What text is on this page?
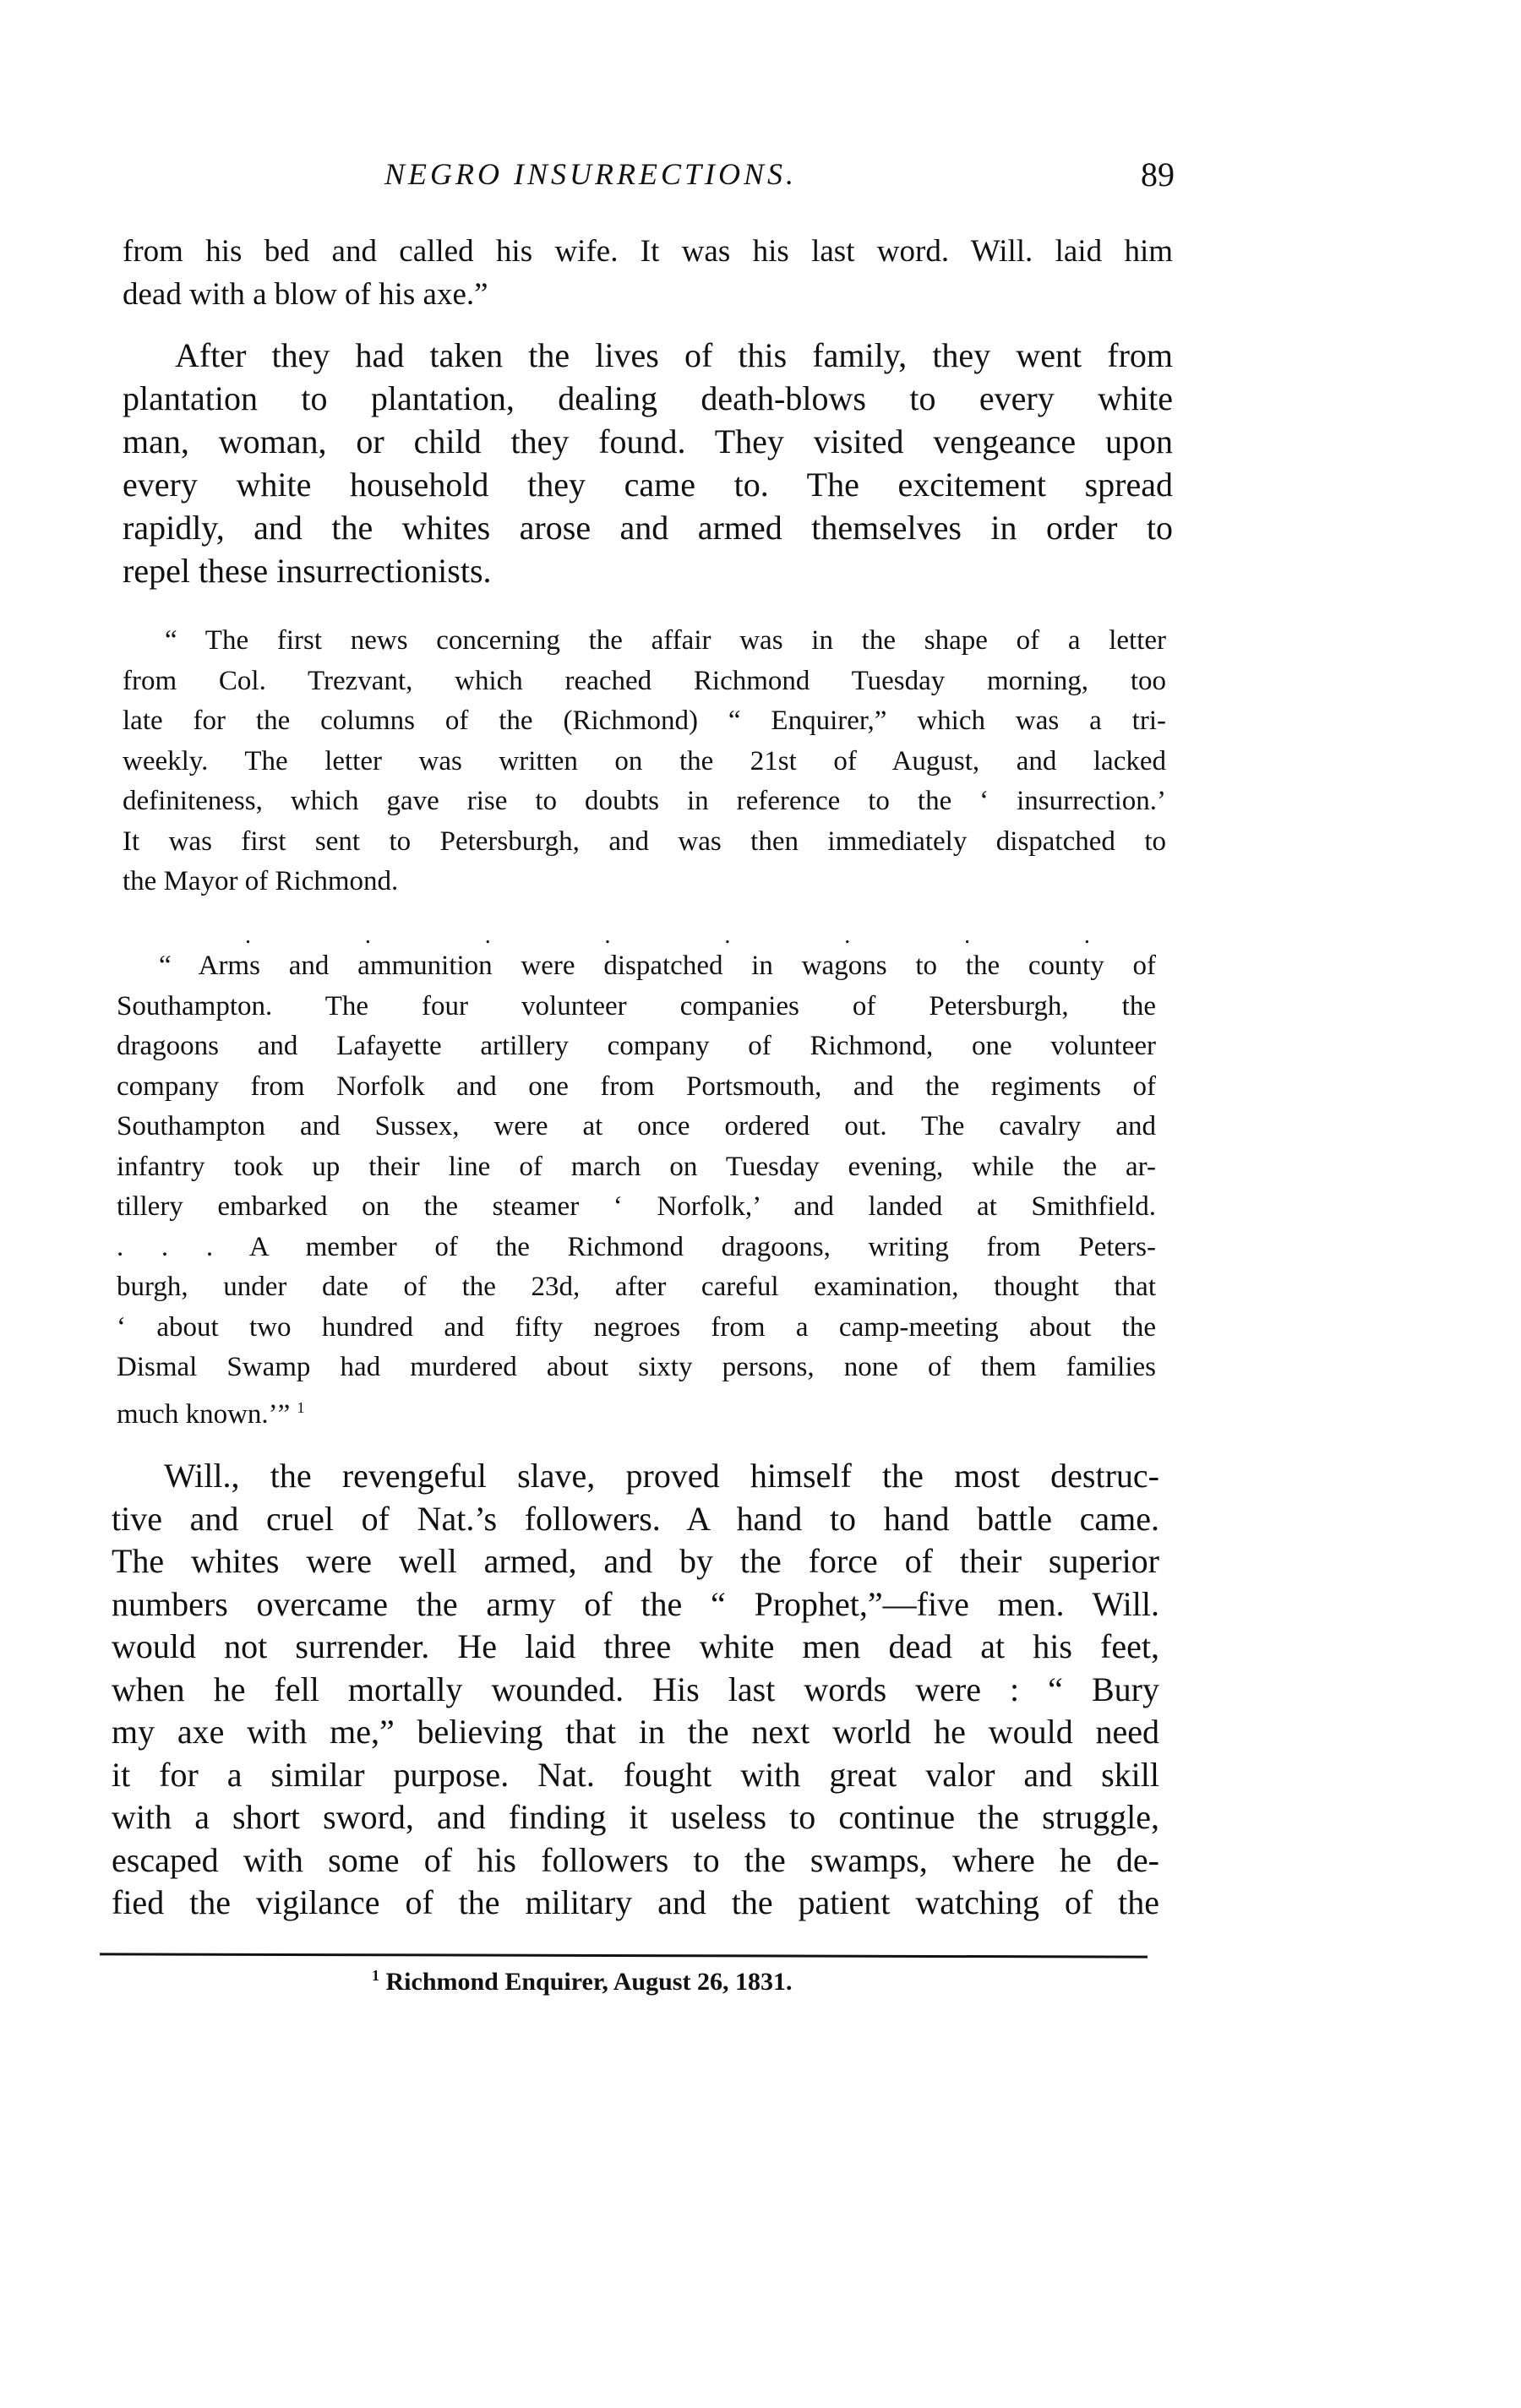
NEGRO INSURRECTIONS.	89
from his bed and called his wife. It was his last word. Will. laid him
dead with a blow of his axe.”
After they had taken the lives of this family, they went from
plantation to plantation, dealing death-blows to every white
man, woman, or child they found. They visited vengeance upon
every white household they came to. The excitement spread
rapidly, and the whites arose and armed themselves in order to
repel these insurrectionists.
“ The first news concerning the affair was in the shape of a letter
from Col. Trezvant, which reached Richmond Tuesday morning, too
late for the columns of the (Richmond) “ Enquirer,” which was a tri-
weekly. The letter was written on the 21st of August, and lacked
definiteness, which gave rise to doubts in reference to the ‘ insurrection.’
It was first sent to Petersburgh, and was then immediately dispatched to
the Mayor of Richmond.
.	.	.	.	.	.	.	.
“ Arms and ammunition were dispatched in wagons to the county of
Southampton. The four volunteer companies of Petersburgh, the
dragoons and Lafayette artillery company of Richmond, one volunteer
company from Norfolk and one from Portsmouth, and the regiments of
Southampton and Sussex, were at once ordered out. The cavalry and
infantry took up their line of march on Tuesday evening, while the ar-
tillery embarked on the steamer ‘ Norfolk,’ and landed at Smithfield.
. . . A member of the Richmond dragoons, writing from Peters-
burgh, under date of the 23d, after careful examination, thought that
‘ about two hundred and fifty negroes from a camp-meeting about the
Dismal Swamp had murdered about sixty persons, none of them families
much known.’” $^1$
Will., the revengeful slave, proved himself the most destruc-
tive and cruel of Nat.’s followers. A hand to hand battle came.
The whites were well armed, and by the force of their superior
numbers overcame the army of the “ Prophet,”—five men. Will.
would not surrender. He laid three white men dead at his feet,
when he fell mortally wounded. His last words were : “ Bury
my axe with me,” believing that in the next world he would need
it for a similar purpose. Nat. fought with great valor and skill
with a short sword, and finding it useless to continue the struggle,
escaped with some of his followers to the swamps, where he de-
fied the vigilance of the military and the patient watching of the
$^1$ Richmond Enquirer, August 26, 1831.
